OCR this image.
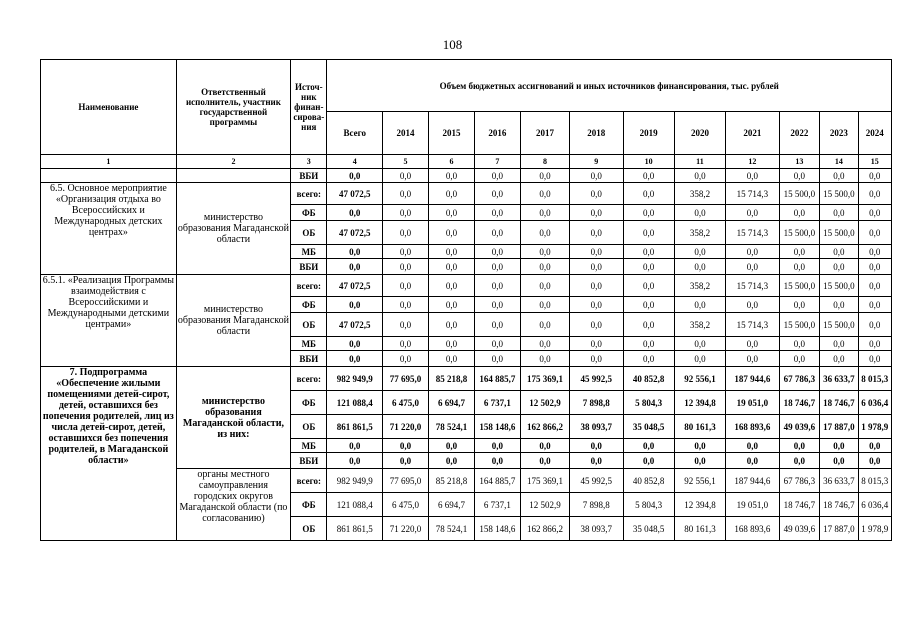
108
Наименование	Ответственный исполнитель, участник государственной программы	Источ-ник финан-сирова-ния	Объем бюджетных ассигнований и иных источников финансирования, тыс. рублей											
			Всего	2014	2015	2016	2017	2018	2019	2020	2021	2022	2023	2024
1	2	3	4	5	6	7	8	9	10	11	12	13	14	15
		ВБИ	0,0	0,0	0,0	0,0	0,0	0,0	0,0	0,0	0,0	0,0	0,0	0,0
6.5. Основное мероприятие «Организация отдыха во Всероссийских и Международных детских центрах»	министерство образования Магаданской области	всего:	47 072,5	0,0	0,0	0,0	0,0	0,0	0,0	358,2	15 714,3	15 500,0	15 500,0	0,0
		ФБ	0,0	0,0	0,0	0,0	0,0	0,0	0,0	0,0	0,0	0,0	0,0	0,0
		ОБ	47 072,5	0,0	0,0	0,0	0,0	0,0	0,0	358,2	15 714,3	15 500,0	15 500,0	0,0
		МБ	0,0	0,0	0,0	0,0	0,0	0,0	0,0	0,0	0,0	0,0	0,0	0,0
		ВБИ	0,0	0,0	0,0	0,0	0,0	0,0	0,0	0,0	0,0	0,0	0,0	0,0
6.5.1. «Реализация Программы взаимодействия с Всероссийскими и Международными детскими центрами»	министерство образования Магаданской области	всего:	47 072,5	0,0	0,0	0,0	0,0	0,0	0,0	358,2	15 714,3	15 500,0	15 500,0	0,0
		ФБ	0,0	0,0	0,0	0,0	0,0	0,0	0,0	0,0	0,0	0,0	0,0	0,0
		ОБ	47 072,5	0,0	0,0	0,0	0,0	0,0	0,0	358,2	15 714,3	15 500,0	15 500,0	0,0
		МБ	0,0	0,0	0,0	0,0	0,0	0,0	0,0	0,0	0,0	0,0	0,0	0,0
		ВБИ	0,0	0,0	0,0	0,0	0,0	0,0	0,0	0,0	0,0	0,0	0,0	0,0
7. Подпрограмма «Обеспечение жилыми помещениями детей-сирот, детей, оставшихся без попечения родителей, лиц из числа детей-сирот, детей, оставшихся без попечения родителей, в Магаданской области»	министерство образования Магаданской области, из них:	всего:	982 949,9	77 695,0	85 218,8	164 885,7	175 369,1	45 992,5	40 852,8	92 556,1	187 944,6	67 786,3	36 633,7	8 015,3
		ФБ	121 088,4	6 475,0	6 694,7	6 737,1	12 502,9	7 898,8	5 804,3	12 394,8	19 051,0	18 746,7	18 746,7	6 036,4
		ОБ	861 861,5	71 220,0	78 524,1	158 148,6	162 866,2	38 093,7	35 048,5	80 161,3	168 893,6	49 039,6	17 887,0	1 978,9
		МБ	0,0	0,0	0,0	0,0	0,0	0,0	0,0	0,0	0,0	0,0	0,0	0,0
		ВБИ	0,0	0,0	0,0	0,0	0,0	0,0	0,0	0,0	0,0	0,0	0,0	0,0
	органы местного самоуправления городских округов Магаданской области (по согласованию)	всего:	982 949,9	77 695,0	85 218,8	164 885,7	175 369,1	45 992,5	40 852,8	92 556,1	187 944,6	67 786,3	36 633,7	8 015,3
		ФБ	121 088,4	6 475,0	6 694,7	6 737,1	12 502,9	7 898,8	5 804,3	12 394,8	19 051,0	18 746,7	18 746,7	6 036,4
		ОБ	861 861,5	71 220,0	78 524,1	158 148,6	162 866,2	38 093,7	35 048,5	80 161,3	168 893,6	49 039,6	17 887,0	1 978,9
